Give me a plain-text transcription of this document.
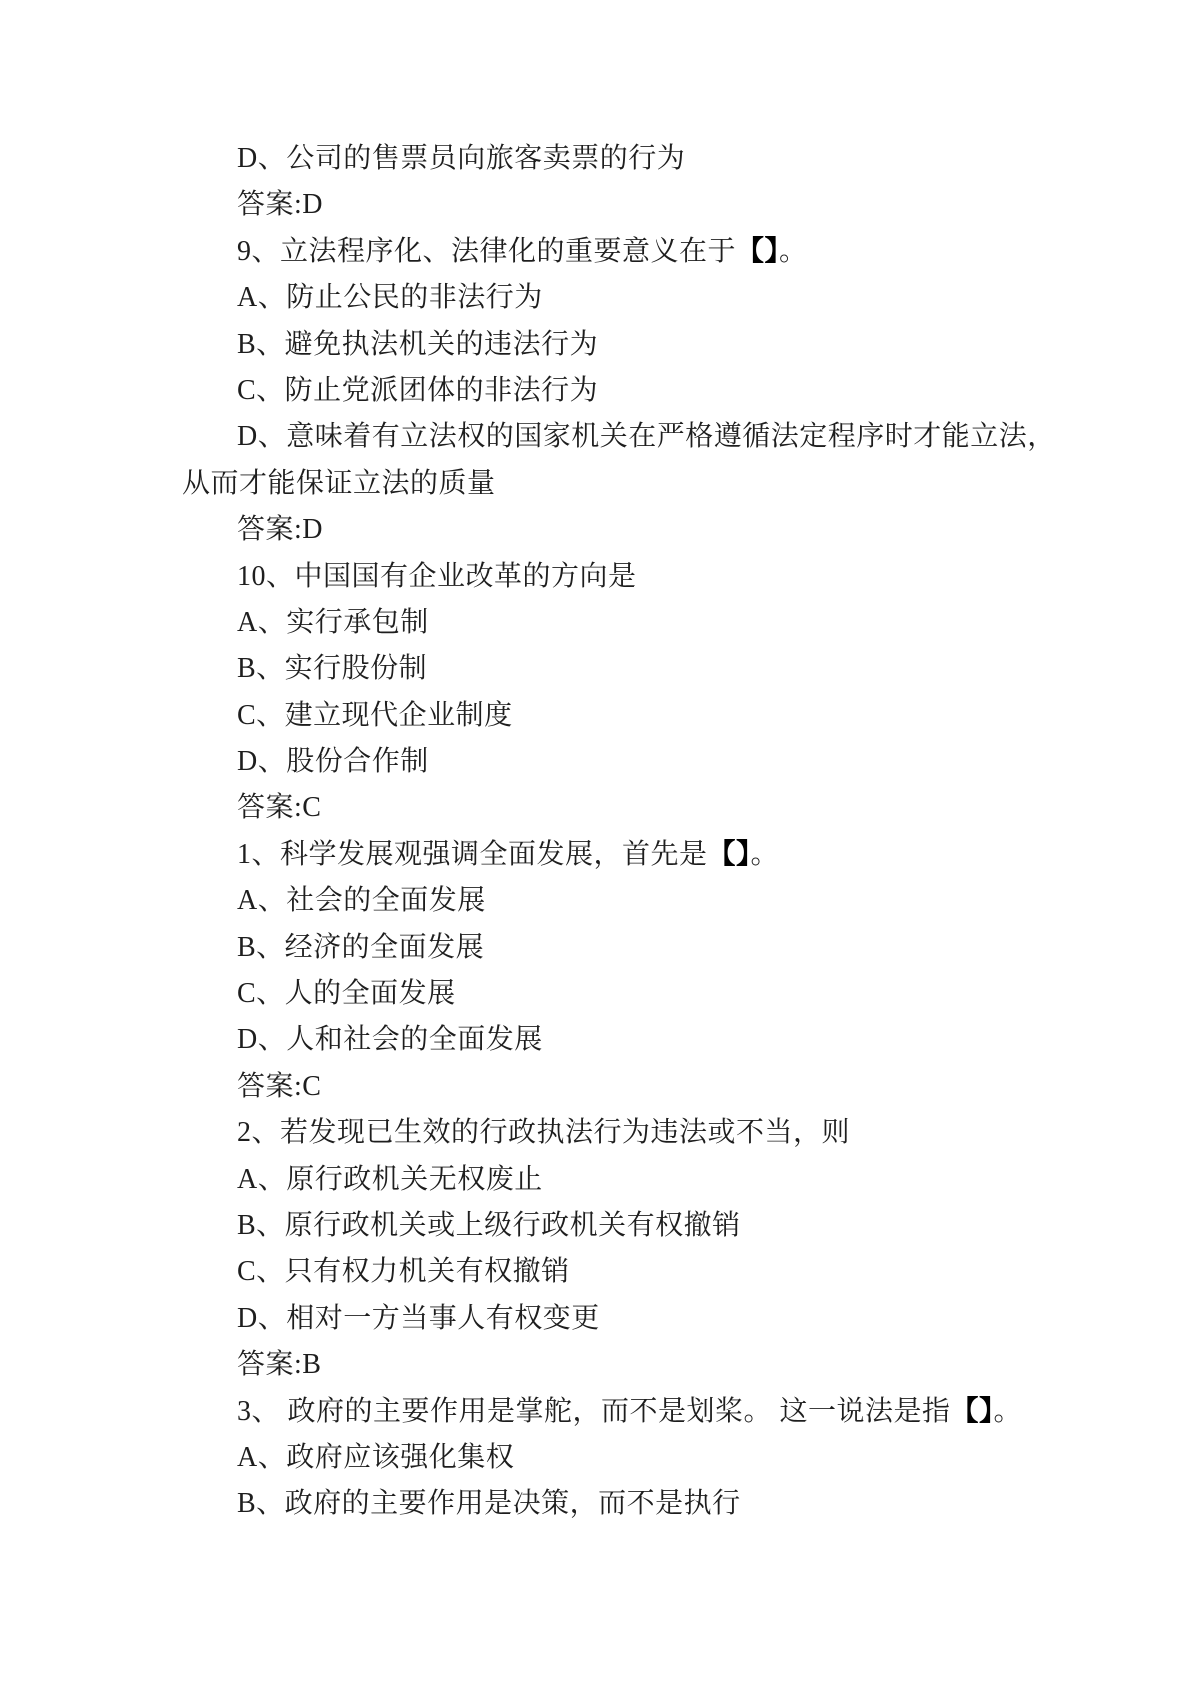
D、公司的售票员向旅客卖票的行为
答案:D
9、立法程序化、法律化的重要意义在于【】。
A、防止公民的非法行为
B、避免执法机关的违法行为
C、防止党派团体的非法行为
D、意味着有立法权的国家机关在严格遵循法定程序时才能立法，
从而才能保证立法的质量
答案:D
10、中国国有企业改革的方向是
A、实行承包制
B、实行股份制
C、建立现代企业制度
D、股份合作制
答案:C
1、科学发展观强调全面发展，首先是【】。
A、社会的全面发展
B、经济的全面发展
C、人的全面发展
D、人和社会的全面发展
答案:C
2、若发现已生效的行政执法行为违法或不当，则
A、原行政机关无权废止
B、原行政机关或上级行政机关有权撤销
C、只有权力机关有权撤销
D、相对一方当事人有权变更
答案:B
3、 政府的主要作用是掌舵，而不是划桨。 这一说法是指【】。
A、政府应该强化集权
B、政府的主要作用是决策，而不是执行
